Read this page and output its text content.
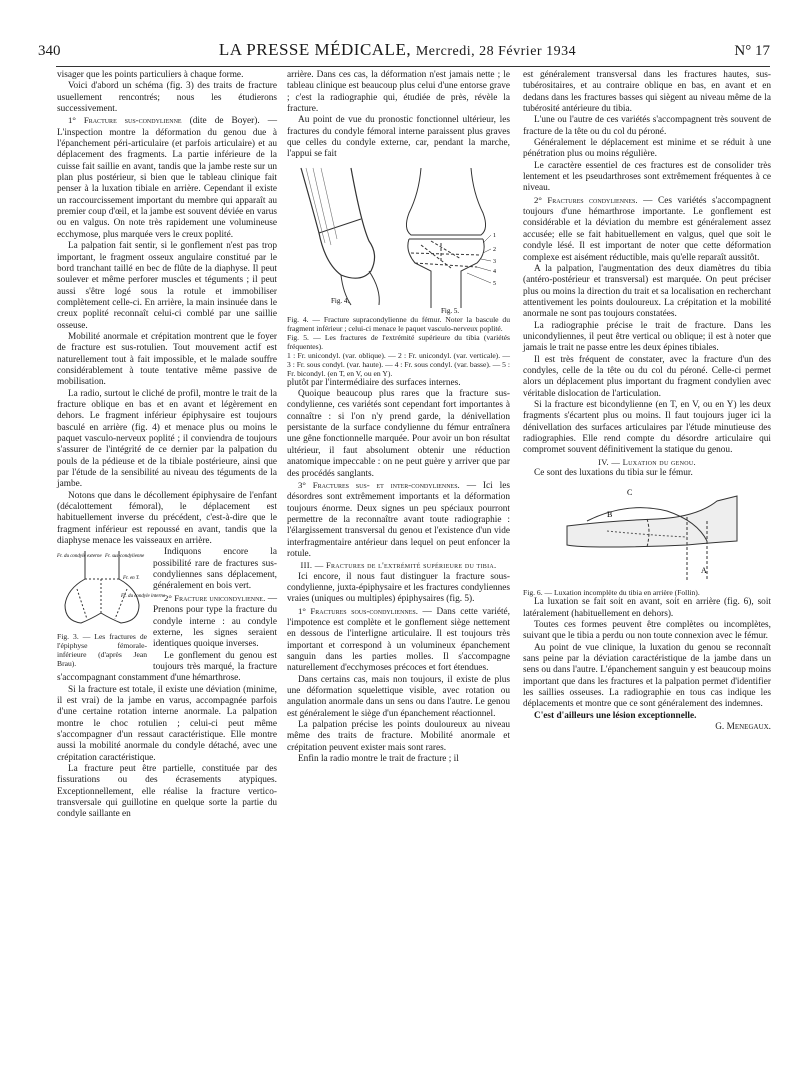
340	LA PRESSE MÉDICALE, Mercredi, 28 Février 1934	N° 17

visager que les points particuliers à chaque forme.

Voici d'abord un schéma (fig. 3) des traits de fracture usuellement rencontrés; nous les étudierons successivement.

1° Fracture sus-condylienne (dite de Boyer). — L'inspection montre la déformation du genou due à l'épanchement péri-articulaire (et parfois articulaire) et au déplacement des fragments. La partie inférieure de la cuisse fait saillie en avant, tandis que la jambe reste sur un plan plus postérieur, si bien que le tableau clinique fait penser à la luxation tibiale en arrière. Cependant il existe un raccourcissement important du membre qui apparaît au premier coup d'œil, et la jambe est souvent déviée en varus ou en valgus. On note très rapidement une volumineuse ecchymose, plus marquée vers le creux poplité.

La palpation fait sentir, si le gonflement n'est pas trop important, le fragment osseux angulaire constitué par le bord tranchant taillé en bec de flûte de la diaphyse. Il peut soulever et même perforer muscles et téguments ; il peut aussi s'être logé sous la rotule et immobiliser complètement celle-ci. En arrière, la main insinuée dans le creux poplité reconnaît celui-ci comblé par une saillie osseuse.

Mobilité anormale et crépitation montrent que le foyer de fracture est sus-rotulien. Tout mouvement actif est naturellement tout à fait impossible, et le malade souffre considérablement à toute tentative même passive de mobilisation.

La radio, surtout le cliché de profil, montre le trait de la fracture oblique en bas et en avant et légèrement en dehors. Le fragment inférieur épiphysaire est toujours basculé en arrière (fig. 4) et menace plus ou moins le paquet vasculo-nerveux poplité ; il conviendra de toujours s'assurer de l'intégrité de ce dernier par la palpation du pouls de la pédieuse et de la tibiale postérieure, ainsi que par l'étude de la sensibilité au niveau des téguments de la jambe.

Notons que dans le décollement épiphysaire de l'enfant (décalottement fémoral), le déplacement est habituellement inverse du précédent, c'est-à-dire que le fragment inférieur est repoussé en avant, tandis que la diaphyse menace les vaisseaux en arrière.

Fr. du condyle externe Fr. sus-condylienne
Fr. en T.
Fr. du condyle interne

Fig. 3. — Les fractures de l'épiphyse fémorale-inférieure (d'après Jean Brau).

Indiquons encore la possibilité rare de fractures sus-condyliennes sans déplacement, généralement en bois vert.

2° Fracture unicondylienne. — Prenons pour type la fracture du condyle interne : au condyle externe, les signes seraient identiques quoique inverses.

Le gonflement du genou est toujours très marqué, la fracture s'accompagnant constamment d'une hémarthrose.

Si la fracture est totale, il existe une déviation (minime, il est vrai) de la jambe en varus, accompagnée parfois d'une certaine rotation interne anormale. La palpation montre le choc rotulien ; celui-ci peut même s'accompagner d'un ressaut caractéristique. Elle montre aussi la mobilité anormale du condyle détaché, avec une crépitation caractéristique.

La fracture peut être partielle, constituée par des fissurations ou des écrasements atypiques. Exceptionnellement, elle réalise la fracture vertico-transversale qui guillotine en quelque sorte la partie du condyle saillante en

arrière. Dans ces cas, la déformation n'est jamais nette ; le tableau clinique est beaucoup plus celui d'une entorse grave ; c'est la radiographie qui, étudiée de près, révèle la fracture.

Au point de vue du pronostic fonctionnel ultérieur, les fractures du condyle fémoral interne paraissent plus graves que celles du condyle externe, car, pendant la marche, l'appui se fait

Fig. 4.
1
2
3
4
5
Fig. 5.

Fig. 4. — Fracture supracondylienne du fémur. Noter la bascule du fragment inférieur ; celui-ci menace le paquet vasculo-nerveux poplité.

Fig. 5. — Les fractures de l'extrémité supérieure du tibia (variétés fréquentes).

1 : Fr. unicondyl. (var. oblique). — 2 : Fr. unicondyl. (var. verticale). — 3 : Fr. sous condyl. (var. haute). — 4 : Fr. sous condyl. (var. basse). — 5 : Fr. bicondyl. (en T, en V, ou en Y).

plutôt par l'intermédiaire des surfaces internes.

Quoique beaucoup plus rares que la fracture sus-condylienne, ces variétés sont cependant fort importantes à connaître : si l'on n'y prend garde, la dénivellation persistante de la surface condylienne du fémur entraînera une gêne fonctionnelle marquée. Pour avoir un bon résultat ultérieur, il faut absolument obtenir une réduction anatomique impeccable : on ne peut guère y arriver que par des procédés sanglants.

3° Fractures sus- et inter-condyliennes. — Ici les désordres sont extrêmement importants et la déformation toujours énorme. Deux signes un peu spéciaux pourront permettre de la reconnaître avant toute radiographie : l'élargissement transversal du genou et l'existence d'un vide interfragmentaire antérieur dans lequel on peut enfoncer la rotule.

III. — Fractures de l'extrémité supérieure du tibia.

Ici encore, il nous faut distinguer la fracture sous-condylienne, juxta-épiphysaire et les fractures condyliennes vraies (uniques ou multiples) épiphysaires (fig. 5).

1° Fractures sous-condyliennes. — Dans cette variété, l'impotence est complète et le gonflement siège nettement en dessous de l'interligne articulaire. Il est toujours très important et correspond à un volumineux épanchement sanguin dans les parties molles. Il s'accompagne naturellement d'ecchymoses précoces et fort étendues.

Dans certains cas, mais non toujours, il existe de plus une déformation squelettique visible, avec rotation ou angulation anormale dans un sens ou dans l'autre. Le genou est généralement le siège d'un épanchement réactionnel.

La palpation précise les points douloureux au niveau même des traits de fracture. Mobilité anormale et crépitation peuvent exister mais sont rares.

Enfin la radio montre le trait de fracture ; il

est généralement transversal dans les fractures hautes, sus-tubérositaires, et au contraire oblique en bas, en avant et en dedans dans les fractures basses qui siègent au niveau même de la tubérosité antérieure du tibia.

L'une ou l'autre de ces variétés s'accompagnent très souvent de fracture de la tête ou du col du péroné.

Généralement le déplacement est minime et se réduit à une pénétration plus ou moins régulière.

Le caractère essentiel de ces fractures est de consolider très lentement et les pseudarthroses sont extrêmement fréquentes à ce niveau.

2° Fractures condyliennes. — Ces variétés s'accompagnent toujours d'une hémarthrose importante. Le gonflement est considérable et la déviation du membre est généralement assez accusée; elle se fait habituellement en valgus, quel que soit le condyle lésé. Il est important de noter que cette déformation complexe est aisément réductible, mais qu'elle reparaît aussitôt.

A la palpation, l'augmentation des deux diamètres du tibia (antéro-postérieur et transversal) est marquée. On peut préciser plus ou moins la direction du trait et sa localisation en recherchant attentivement les points douloureux. La crépitation et la mobilité anormale ne sont pas toujours constatées.

La radiographie précise le trait de fracture. Dans les unicondyliennes, il peut être vertical ou oblique; il est à noter que jamais le trait ne passe entre les deux épines tibiales.

Il est très fréquent de constater, avec la fracture d'un des condyles, celle de la tête ou du col du péroné. Celle-ci permet alors un déplacement plus important du fragment condylien avec véritable dislocation de l'articulation.

Si la fracture est bicondylienne (en T, en V, ou en Y) les deux fragments s'écartent plus ou moins. Il faut toujours juger ici la dénivellation des surfaces articulaires par l'étude minutieuse des radiographies. Elle rend compte du désordre articulaire qui compromet souvent définitivement la statique du genou.

IV. — Luxation du genou.

Ce sont des luxations du tibia sur le fémur.

C
B
A

Fig. 6. — Luxation incomplète du tibia en arrière (Follin).

La luxation se fait soit en avant, soit en arrière (fig. 6), soit latéralement (habituellement en dehors).

Toutes ces formes peuvent être complètes ou incomplètes, suivant que le tibia a perdu ou non toute connexion avec le fémur.

Au point de vue clinique, la luxation du genou se reconnaît sans peine par la déviation caractéristique de la jambe dans un sens ou dans l'autre. L'épanchement sanguin y est beaucoup moins important que dans les fractures et la palpation permet d'identifier les saillies osseuses. La radiographie en tous cas indique les déplacements et montre que ce sont généralement des indemnes.

C'est d'ailleurs une lésion exceptionnelle.

G. Menegaux.
